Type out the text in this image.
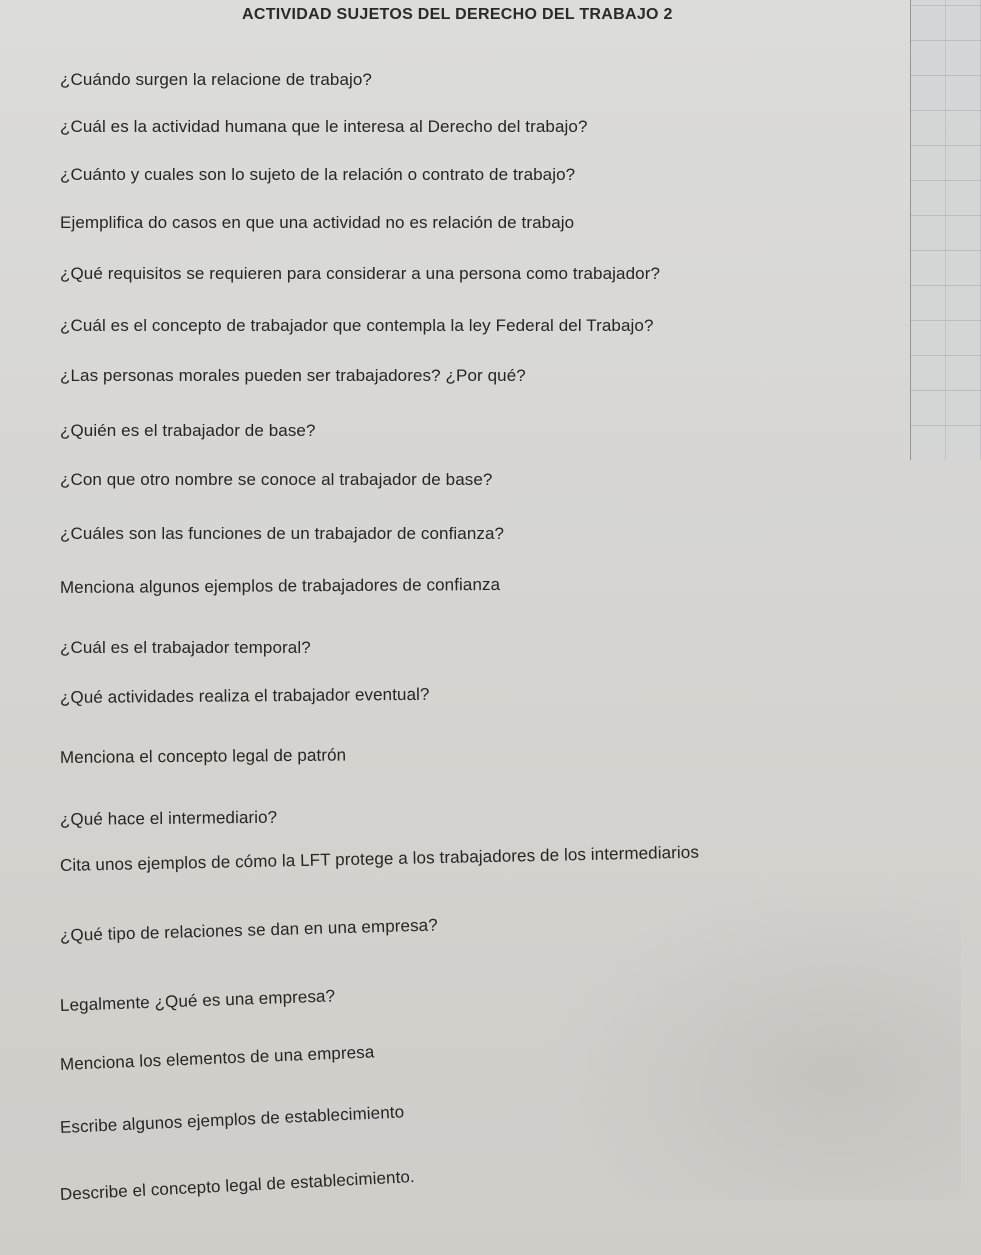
ACTIVIDAD SUJETOS DEL DERECHO DEL TRABAJO 2
¿Cuándo surgen la relacione de trabajo?
¿Cuál es la actividad humana que le interesa al Derecho del trabajo?
¿Cuánto y cuales son lo sujeto de la relación o contrato de trabajo?
Ejemplifica do casos en que una actividad no es relación de trabajo
¿Qué requisitos se requieren para considerar a una persona como trabajador?
¿Cuál es el concepto de trabajador que contempla la ley Federal del Trabajo?
¿Las personas morales pueden ser trabajadores? ¿Por qué?
¿Quién es el trabajador de base?
¿Con que otro nombre se conoce al trabajador de base?
¿Cuáles son las funciones de un trabajador de confianza?
Menciona algunos ejemplos de trabajadores de confianza
¿Cuál es el trabajador temporal?
¿Qué actividades realiza el trabajador eventual?
Menciona el concepto legal de patrón
¿Qué hace el intermediario?
Cita unos ejemplos de cómo la LFT protege a los trabajadores de los intermediarios
¿Qué tipo de relaciones se dan en una empresa?
Legalmente ¿Qué es una empresa?
Menciona los elementos de una empresa
Escribe algunos ejemplos de establecimiento
Describe el concepto legal de establecimiento.
